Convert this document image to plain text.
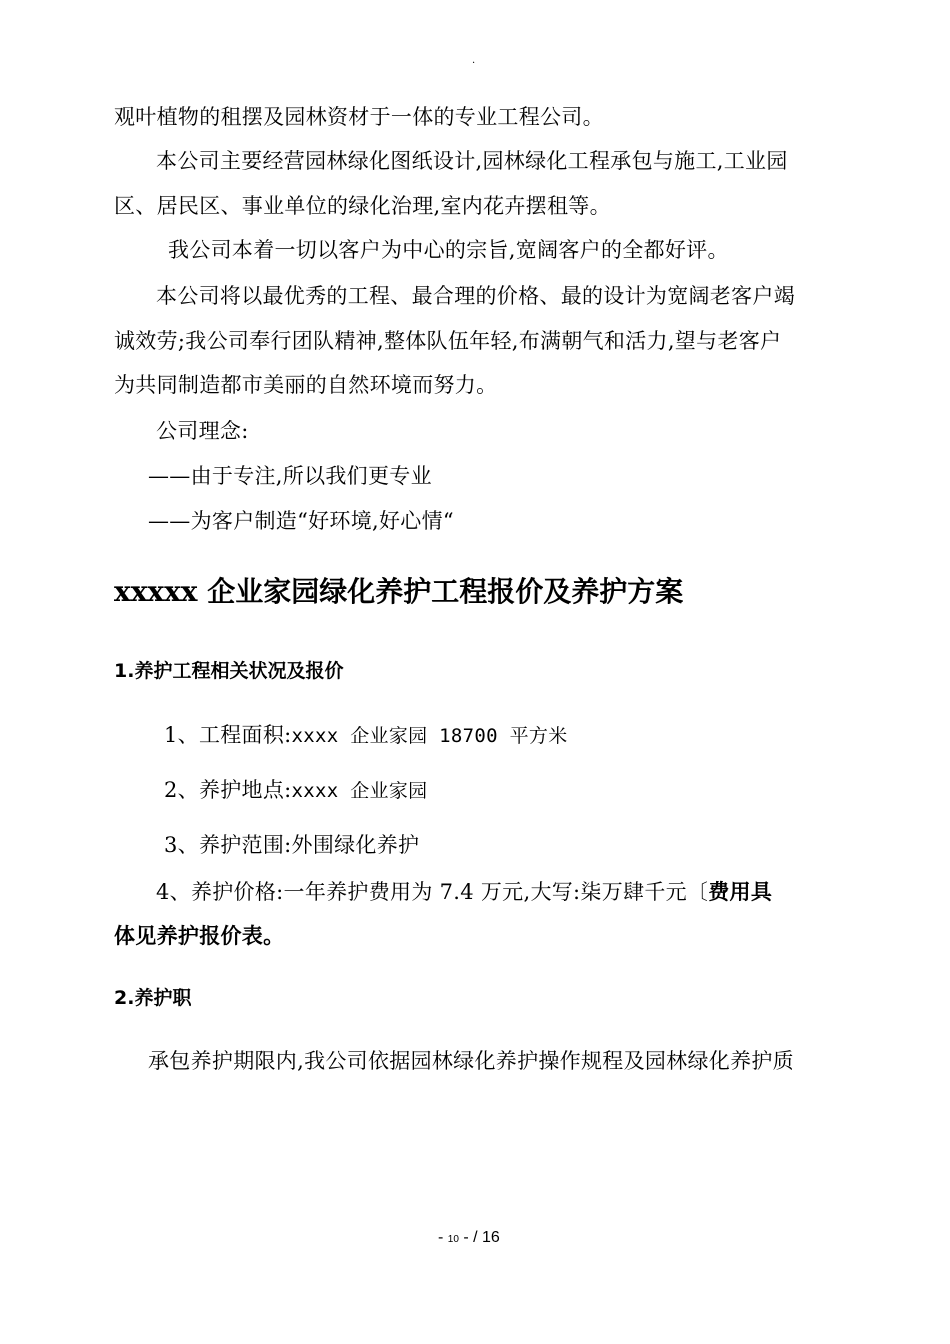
.
观叶植物的租摆及园林资材于一体的专业工程公司。
本公司主要经营园林绿化图纸设计,园林绿化工程承包与施工,工业园
区、居民区、事业单位的绿化治理,室内花卉摆租等。
我公司本着一切以客户为中心的宗旨,宽阔客户的全都好评。
本公司将以最优秀的工程、最合理的价格、最的设计为宽阔老客户竭
诚效劳;我公司奉行团队精神,整体队伍年轻,布满朝气和活力,望与老客户
为共同制造都市美丽的自然环境而努力。
公司理念:
——由于专注,所以我们更专业
——为客户制造“好环境,好心情“
xxxxx 企业家园绿化养护工程报价及养护方案
1.养护工程相关状况及报价
1、工程面积:xxxx 企业家园 18700 平方米
2、养护地点:xxxx 企业家园
3、养护范围:外围绿化养护
4、养护价格:一年养护费用为 7.4 万元,大写:柒万肆千元〔费用具
体见养护报价表。
2.养护职
承包养护期限内,我公司依据园林绿化养护操作规程及园林绿化养护质
- 10 - / 16
